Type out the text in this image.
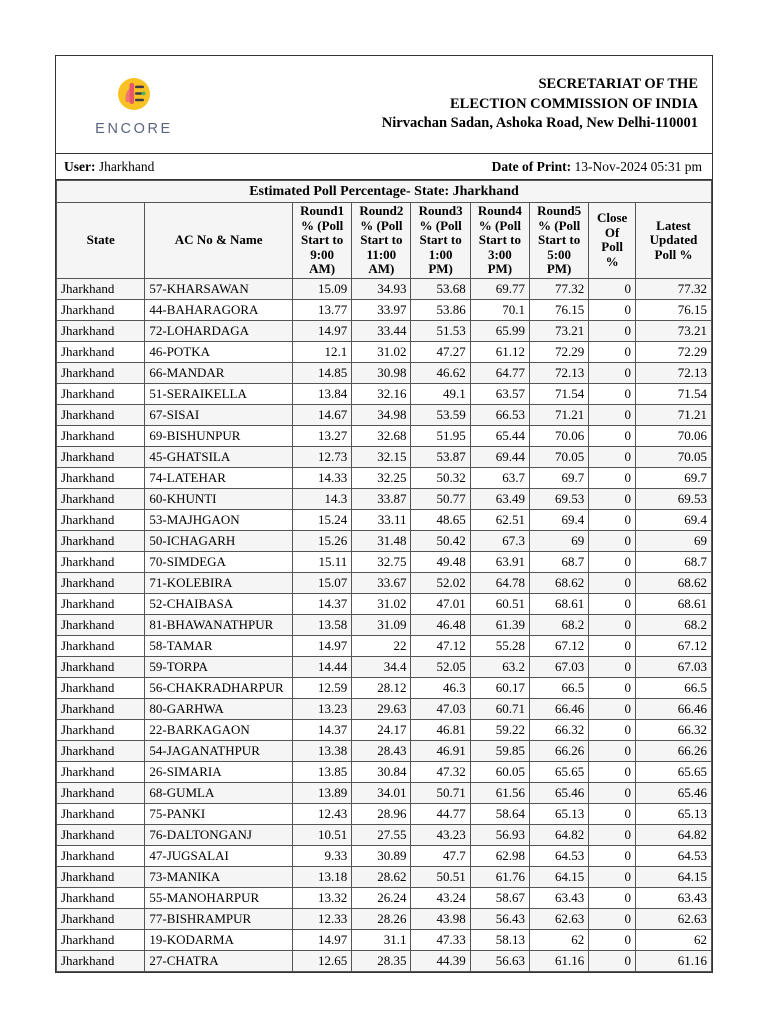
ENCORE
SECRETARIAT OF THE
ELECTION COMMISSION OF INDIA
Nirvachan Sadan, Ashoka Road, New Delhi-110001
User: Jharkhand	Date of Print: 13-Nov-2024 05:31 pm
Estimated Poll Percentage- State: Jharkhand								
State	AC No & Name	Round1 % (Poll Start to 9:00 AM)	Round2 % (Poll Start to 11:00 AM)	Round3 % (Poll Start to 1:00 PM)	Round4 % (Poll Start to 3:00 PM)	Round5 % (Poll Start to 5:00 PM)	Close Of Poll %	Latest Updated Poll %
Jharkhand	57-KHARSAWAN	15.09	34.93	53.68	69.77	77.32	0	77.32
Jharkhand	44-BAHARAGORA	13.77	33.97	53.86	70.1	76.15	0	76.15
Jharkhand	72-LOHARDAGA	14.97	33.44	51.53	65.99	73.21	0	73.21
Jharkhand	46-POTKA	12.1	31.02	47.27	61.12	72.29	0	72.29
Jharkhand	66-MANDAR	14.85	30.98	46.62	64.77	72.13	0	72.13
Jharkhand	51-SERAIKELLA	13.84	32.16	49.1	63.57	71.54	0	71.54
Jharkhand	67-SISAI	14.67	34.98	53.59	66.53	71.21	0	71.21
Jharkhand	69-BISHUNPUR	13.27	32.68	51.95	65.44	70.06	0	70.06
Jharkhand	45-GHATSILA	12.73	32.15	53.87	69.44	70.05	0	70.05
Jharkhand	74-LATEHAR	14.33	32.25	50.32	63.7	69.7	0	69.7
Jharkhand	60-KHUNTI	14.3	33.87	50.77	63.49	69.53	0	69.53
Jharkhand	53-MAJHGAON	15.24	33.11	48.65	62.51	69.4	0	69.4
Jharkhand	50-ICHAGARH	15.26	31.48	50.42	67.3	69	0	69
Jharkhand	70-SIMDEGA	15.11	32.75	49.48	63.91	68.7	0	68.7
Jharkhand	71-KOLEBIRA	15.07	33.67	52.02	64.78	68.62	0	68.62
Jharkhand	52-CHAIBASA	14.37	31.02	47.01	60.51	68.61	0	68.61
Jharkhand	81-BHAWANATHPUR	13.58	31.09	46.48	61.39	68.2	0	68.2
Jharkhand	58-TAMAR	14.97	22	47.12	55.28	67.12	0	67.12
Jharkhand	59-TORPA	14.44	34.4	52.05	63.2	67.03	0	67.03
Jharkhand	56-CHAKRADHARPUR	12.59	28.12	46.3	60.17	66.5	0	66.5
Jharkhand	80-GARHWA	13.23	29.63	47.03	60.71	66.46	0	66.46
Jharkhand	22-BARKAGAON	14.37	24.17	46.81	59.22	66.32	0	66.32
Jharkhand	54-JAGANATHPUR	13.38	28.43	46.91	59.85	66.26	0	66.26
Jharkhand	26-SIMARIA	13.85	30.84	47.32	60.05	65.65	0	65.65
Jharkhand	68-GUMLA	13.89	34.01	50.71	61.56	65.46	0	65.46
Jharkhand	75-PANKI	12.43	28.96	44.77	58.64	65.13	0	65.13
Jharkhand	76-DALTONGANJ	10.51	27.55	43.23	56.93	64.82	0	64.82
Jharkhand	47-JUGSALAI	9.33	30.89	47.7	62.98	64.53	0	64.53
Jharkhand	73-MANIKA	13.18	28.62	50.51	61.76	64.15	0	64.15
Jharkhand	55-MANOHARPUR	13.32	26.24	43.24	58.67	63.43	0	63.43
Jharkhand	77-BISHRAMPUR	12.33	28.26	43.98	56.43	62.63	0	62.63
Jharkhand	19-KODARMA	14.97	31.1	47.33	58.13	62	0	62
Jharkhand	27-CHATRA	12.65	28.35	44.39	56.63	61.16	0	61.16
